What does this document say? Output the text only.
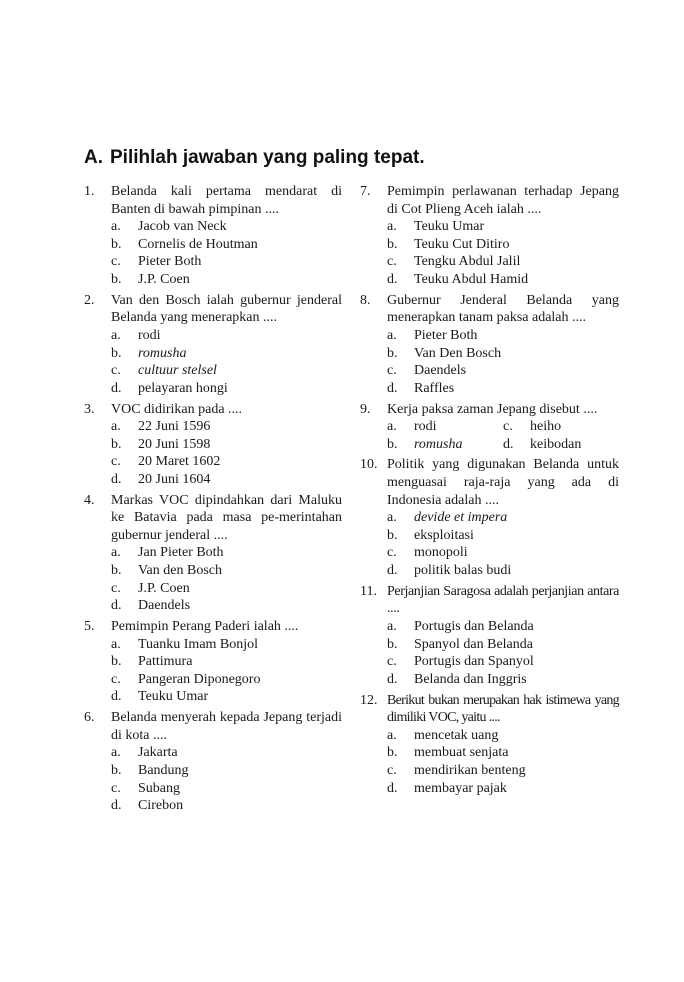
A. Pilihlah jawaban yang paling tepat.
1.	Belanda kali pertama mendarat di Banten di bawah pimpinan ....
a.	Jacob van Neck
b.	Cornelis de Houtman
c.	Pieter Both
b.	J.P. Coen
2.	Van den Bosch ialah gubernur jenderal Belanda yang menerapkan ....
a.	rodi
b.	romusha
c.	cultuur stelsel
d.	pelayaran hongi
3.	VOC didirikan pada ....
a.	22 Juni 1596
b.	20 Juni 1598
c.	20 Maret 1602
d.	20 Juni 1604
4.	Markas VOC dipindahkan dari Maluku ke Batavia pada masa pe-merintahan gubernur jenderal ....
a.	Jan Pieter Both
b.	Van den Bosch
c.	J.P. Coen
d.	Daendels
5.	Pemimpin Perang Paderi ialah ....
a.	Tuanku Imam Bonjol
b.	Pattimura
c.	Pangeran Diponegoro
d.	Teuku Umar
6.	Belanda menyerah kepada Jepang terjadi di kota ....
a.	Jakarta
b.	Bandung
c.	Subang
d.	Cirebon
7.	Pemimpin perlawanan terhadap Jepang di Cot Plieng Aceh ialah ....
a.	Teuku Umar
b.	Teuku Cut Ditiro
c.	Tengku Abdul Jalil
d.	Teuku Abdul Hamid
8.	Gubernur Jenderal Belanda yang menerapkan tanam paksa adalah ....
a.	Pieter Both
b.	Van Den Bosch
c.	Daendels
d.	Raffles
9.	Kerja paksa zaman Jepang disebut ....
a.	rodi	c.	heiho
b.	romusha	d.	keibodan
10. Politik yang digunakan Belanda untuk menguasai raja-raja yang ada di Indonesia adalah ....
a.	devide et impera
b.	eksploitasi
c.	monopoli
d.	politik balas budi
11. Perjanjian Saragosa adalah perjanjian antara ....
a.	Portugis dan Belanda
b.	Spanyol dan Belanda
c.	Portugis dan Spanyol
d.	Belanda dan Inggris
12. Berikut bukan merupakan hak istimewa yang dimiliki VOC, yaitu ....
a.	mencetak uang
b.	membuat senjata
c.	mendirikan benteng
d.	membayar pajak
